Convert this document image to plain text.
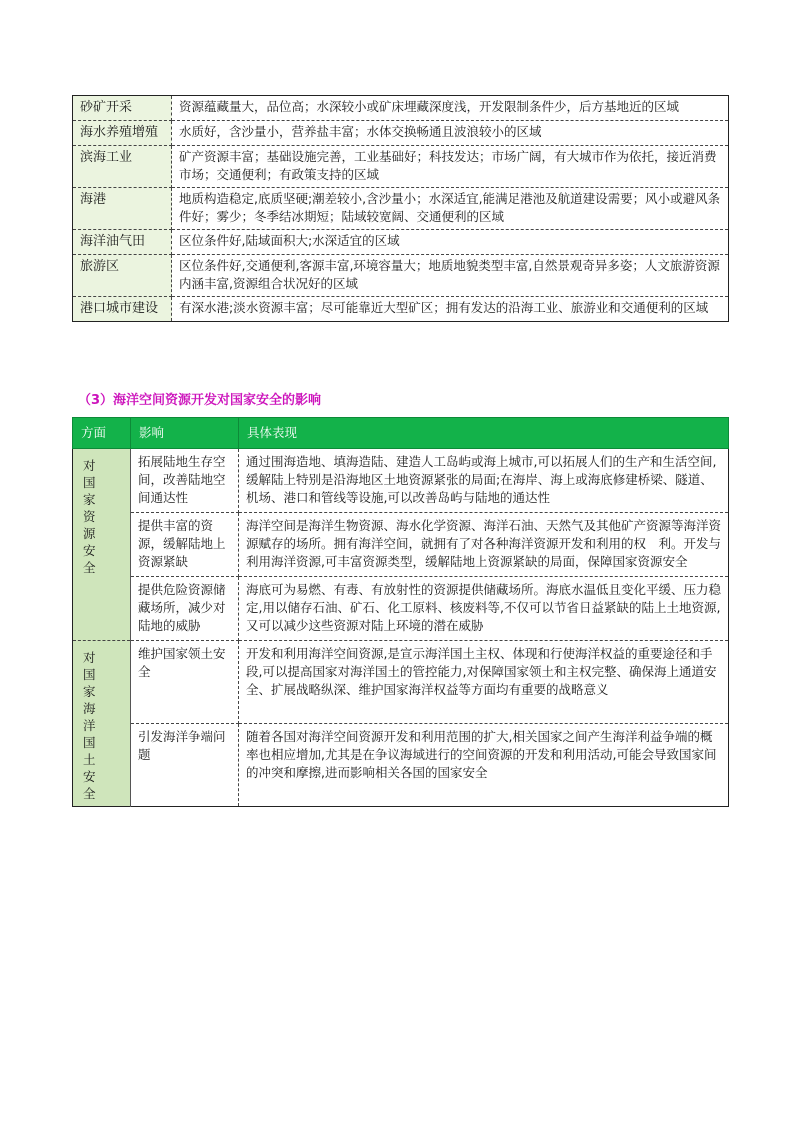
砂矿开采	资源蕴藏量大，品位高；水深较小或矿床埋藏深度浅，开发限制条件少，后方基地近的区域
海水养殖增殖	水质好，含沙量小，营养盐丰富；水体交换畅通且波浪较小的区域
滨海工业	矿产资源丰富；基础设施完善，工业基础好；科技发达；市场广阔，有大城市作为依托，接近消费市场；交通便利；有政策支持的区域
海港	地质构造稳定,底质坚硬;潮差较小,含沙量小；水深适宜,能满足港池及航道建设需要；风小或避风条件好；雾少；冬季结冰期短；陆域较宽阔、交通便利的区域
海洋油气田	区位条件好,陆域面积大;水深适宜的区域
旅游区	区位条件好,交通便利,客源丰富,环境容量大；地质地貌类型丰富,自然景观奇异多姿；人文旅游资源内涵丰富,资源组合状况好的区域
港口城市建设	有深水港;淡水资源丰富；尽可能靠近大型矿区；拥有发达的沿海工业、旅游业和交通便利的区域
（3）海洋空间资源开发对国家安全的影响
方面	影响	具体表现
对国家资源安全	拓展陆地生存空间，改善陆地空间通达性	通过围海造地、填海造陆、建造人工岛屿或海上城市,可以拓展人们的生产和生活空间,缓解陆上特别是沿海地区土地资源紧张的局面;在海岸、海上或海底修建桥梁、隧道、机场、港口和管线等设施,可以改善岛屿与陆地的通达性
	提供丰富的资源，缓解陆地上资源紧缺	海洋空间是海洋生物资源、海水化学资源、海洋石油、天然气及其他矿产资源等海洋资源赋存的场所。拥有海洋空间，就拥有了对各种海洋资源开发和利用的权　利。开发与利用海洋资源,可丰富资源类型，缓解陆地上资源紧缺的局面，保障国家资源安全
	提供危险资源储藏场所，减少对陆地的威胁	海底可为易燃、有毒、有放射性的资源提供储藏场所。海底水温低且变化平缓、压力稳定,用以储存石油、矿石、化工原料、核废料等,不仅可以节省日益紧缺的陆上土地资源,又可以减少这些资源对陆上环境的潜在威胁
对国家海洋国土安全	维护国家领土安全	开发和利用海洋空间资源,是宣示海洋国土主权、体现和行使海洋权益的重要途径和手段,可以提高国家对海洋国土的管控能力,对保障国家领土和主权完整、确保海上通道安全、扩展战略纵深、维护国家海洋权益等方面均有重要的战略意义
	引发海洋争端问题	随着各国对海洋空间资源开发和利用范围的扩大,相关国家之间产生海洋利益争端的概率也相应增加,尤其是在争议海域进行的空间资源的开发和利用活动,可能会导致国家间的冲突和摩擦,进而影响相关各国的国家安全
